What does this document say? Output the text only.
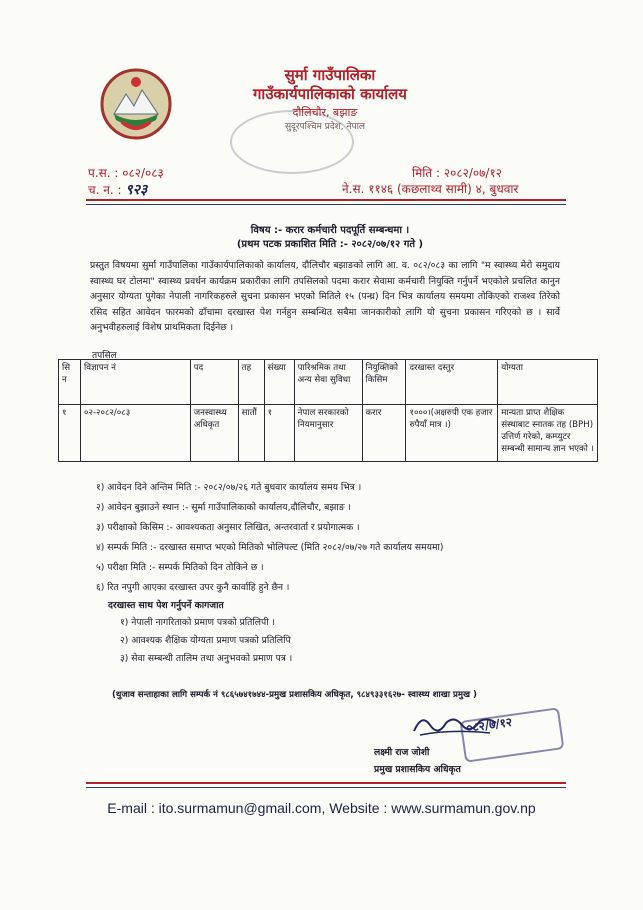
सुर्मा गाउँपालिका
गाउँकार्यपालिकाको कार्यालय
दौलिचौर, बझाङ
सुदूरपश्चिम प्रदेश, नेपाल
प.स. : ०८२/०८३
च. न. : ९२३
मिति : २०८२/०७/१२
ने.स. ११४६ (कछलाथ्व सामी) ४, बुधवार
विषय :- करार कर्मचारी पदपूर्ति सम्बन्धमा ।
(प्रथम पटक प्रकाशित मिति :- २०८२/०७/१२ गते )
प्रस्तुत विषयमा सुर्मा गाउँपालिका गाउँकार्यपालिकाको कार्यालय, दौलिचौर बझाङको लागि आ. व. ०८२/०८३ का लागि "म स्वास्थ्य मेरो समुदाय स्वास्थ्य घर टोलमा" स्वास्थ्य प्रवर्धन कार्यक्रम प्रकारीका लागि तपसिलको पदमा करार सेवामा कर्मचारी नियुक्ति गर्नुपर्ने भएकोले प्रचलित कानुन अनुसार योग्यता पुगेका नेपाली नागरिकहरुले सुचना प्रकासन भएको मितिले १५ (पन्ध्र) दिन भित्र कार्यालय समयमा तोकिएको राजश्व तिरेको रसिद सहित आवेदन फारमको ढाँचामा दरखास्त पेश गर्नहुन सम्बन्धित सबैमा जानकारीको लागि यो सुचना प्रकासन गरिएको छ । सार्वे अनुभवीहरुलाई विशेष प्राथमिकता दिईनेछ ।
तपसिल
सि न	विज्ञापन नं	पद	तह	संख्या	पारिश्रमिक तथा अन्य सेवा सुविधा	नियुक्तिको किसिम	दरखास्त दस्तुर	योग्यता
१	०२-२०८२/०८३	जनस्वास्थ्य अधिकृत	सातौं	१	नेपाल सरकारको नियमानुसार	करार	१०००।(अक्षरुपी एक हजार रुपैयाँ मात्र ।)	मान्यता प्राप्त शैक्षिक संस्थाबाट स्नातक तह (BPH) उत्तिर्ण गरेको, कम्प्युटर सम्बन्धी सामान्य ज्ञान भएको ।
१) आवेदन दिने अन्तिम मिति :- २०८२/०७/२६ गते बुधवार कार्यालय समय भित्र ।
२) आवेदन बुझाउने स्थान :- सुर्मा गाउँपालिकाको कार्यालय,दौलिचौर, बझाङ ।
३) परीक्षाको किसिम :- आवश्यकता अनुसार लिखित, अन्तरवार्ता र प्रयोगात्मक ।
४) सम्पर्क मिति :- दरखास्त समाप्त भएको मितिको भोलिपल्ट (मिति २०८२/०७/२७ गते कार्यालय समयमा)
५) परीक्षा मिति :- सम्पर्क मितिको दिन तोकिने छ ।
६) रित नपुगी आएका दरखास्त उपर कुनै कार्वाहि हुने छैन ।
दरखास्त साथ पेश गर्नुपर्ने कागजात
१) नेपाली नागरिताको प्रमाण पत्रको प्रतिलिपी ।
२) आवश्यक शैक्षिक योग्यता प्रमाण पत्रको प्रतिलिपि
३) सेवा सम्बन्धी तालिम तथा अनुभवको प्रमाण पत्र ।
(थुजाव सन्ताहाका लागि सम्पर्क नं ९८६५७४१७४४-प्रमुख प्रशासकिय अधिकृत, ९८४९३३१६२७- स्वास्थ्य शाखा प्रमुख )
०८२/७/१२
लक्ष्मी राज जोशी
प्रमुख प्रशासकिय अधिकृत
E-mail : ito.surmamun@gmail.com, Website : www.surmamun.gov.np
